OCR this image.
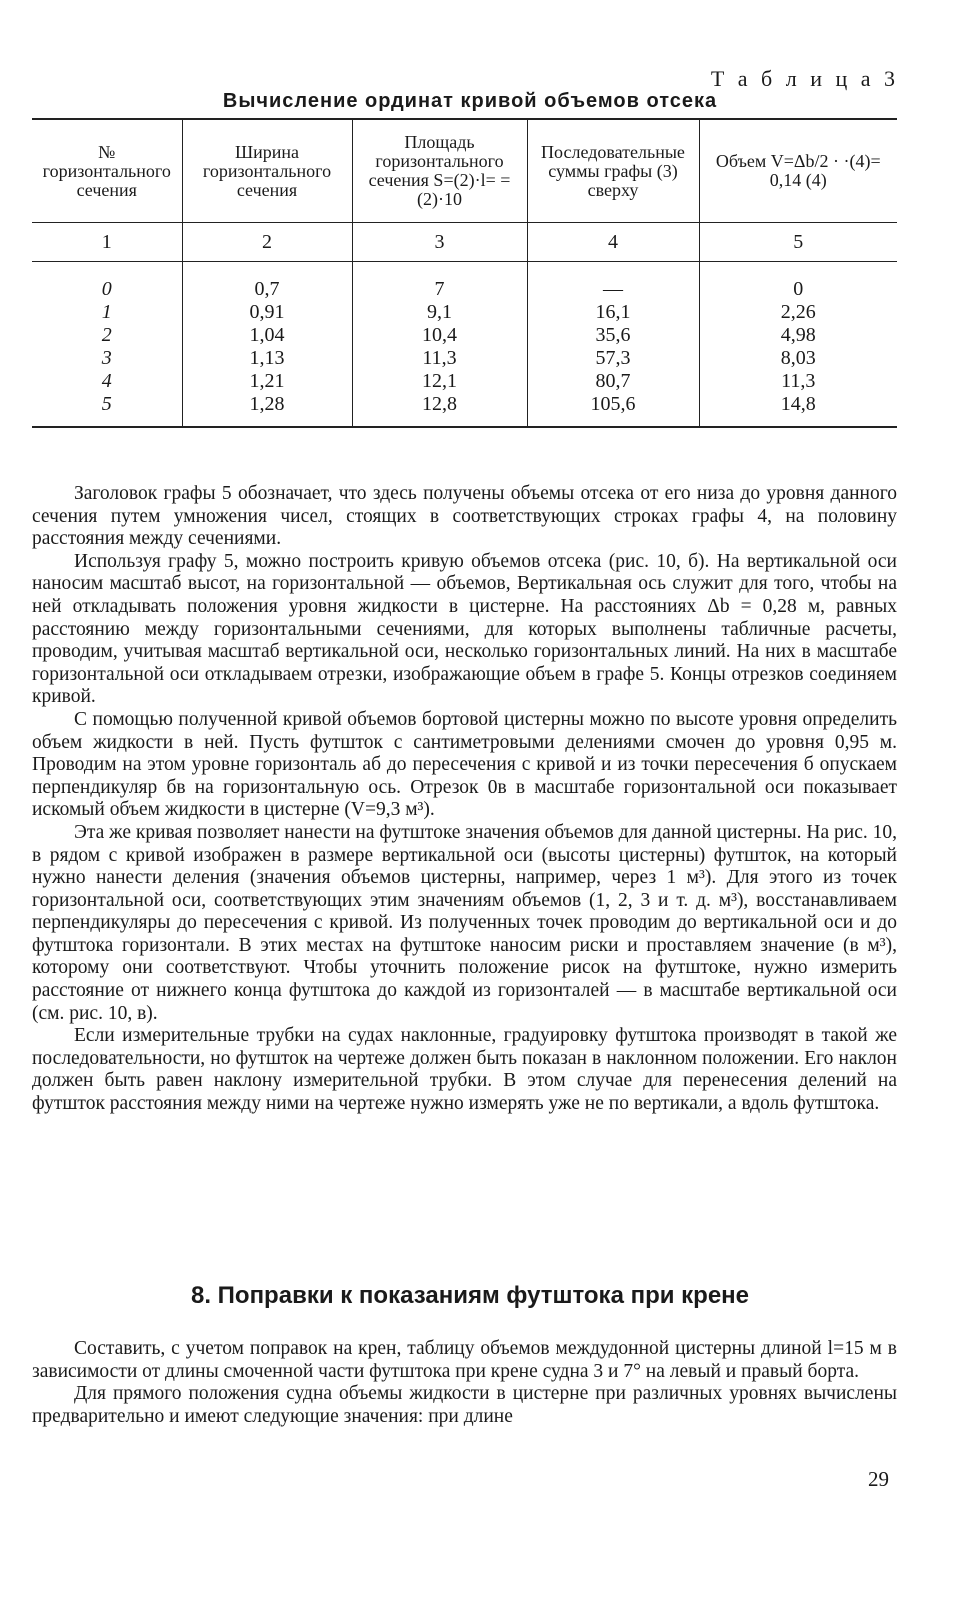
Т а б л и ц а 3
Вычисление ординат кривой объемов отсека
№ горизонтального сечения	Ширина горизонтального сечения	Площадь горизонтального сечения S=(2)·l= =(2)·10	Последовательные суммы графы (3) сверху	Объем V=Δb/2 · ·(4)= 0,14 (4)
1	2	3	4	5

0	0,7	7	—	0
1	0,91	9,1	16,1	2,26
2	1,04	10,4	35,6	4,98
3	1,13	11,3	57,3	8,03
4	1,21	12,1	80,7	11,3
5	1,28	12,8	105,6	14,8

Заголовок графы 5 обозначает, что здесь получены объемы отсека от его низа до уровня данного сечения путем умножения чисел, стоящих в соответствующих строках графы 4, на половину расстояния между сечениями.

Используя графу 5, можно построить кривую объемов отсека (рис. 10, б). На вертикальной оси наносим масштаб высот, на горизонтальной — объемов, Вертикальная ось служит для того, чтобы на ней откладывать положения уровня жидкости в цистерне. На расстояниях Δb = 0,28 м, равных расстоянию между горизонтальными сечениями, для которых выполнены табличные расчеты, проводим, учитывая масштаб вертикальной оси, несколько горизонтальных линий. На них в масштабе горизонтальной оси откладываем отрезки, изображающие объем в графе 5. Концы отрезков соединяем кривой.

С помощью полученной кривой объемов бортовой цистерны можно по высоте уровня определить объем жидкости в ней. Пусть футшток с сантиметровыми делениями смочен до уровня 0,95 м. Проводим на этом уровне горизонталь аб до пересечения с кривой и из точки пересечения б опускаем перпендикуляр бв на горизонтальную ось. Отрезок 0в в масштабе горизонтальной оси показывает искомый объем жидкости в цистерне (V=9,3 м³).

Эта же кривая позволяет нанести на футштоке значения объемов для данной цистерны. На рис. 10, в рядом с кривой изображен в размере вертикальной оси (высоты цистерны) футшток, на который нужно нанести деления (значения объемов цистерны, например, через 1 м³). Для этого из точек горизонтальной оси, соответствующих этим значениям объемов (1, 2, 3 и т. д. м³), восстанавливаем перпендикуляры до пересечения с кривой. Из полученных точек проводим до вертикальной оси и до футштока горизонтали. В этих местах на футштоке наносим риски и проставляем значение (в м³), которому они соответствуют. Чтобы уточнить положение рисок на футштоке, нужно измерить расстояние от нижнего конца футштока до каждой из горизонталей — в масштабе вертикальной оси (см. рис. 10, в).

Если измерительные трубки на судах наклонные, градуировку футштока производят в такой же последовательности, но футшток на чертеже должен быть показан в наклонном положении. Его наклон должен быть равен наклону измерительной трубки. В этом случае для перенесения делений на футшток расстояния между ними на чертеже нужно измерять уже не по вертикали, а вдоль футштока.

8. Поправки к показаниям футштока при крене

Составить, с учетом поправок на крен, таблицу объемов междудонной цистерны длиной l=15 м в зависимости от длины смоченной части футштока при крене судна 3 и 7° на левый и правый борта.

Для прямого положения судна объемы жидкости в цистерне при различных уровнях вычислены предварительно и имеют следующие значения: при длине

29
